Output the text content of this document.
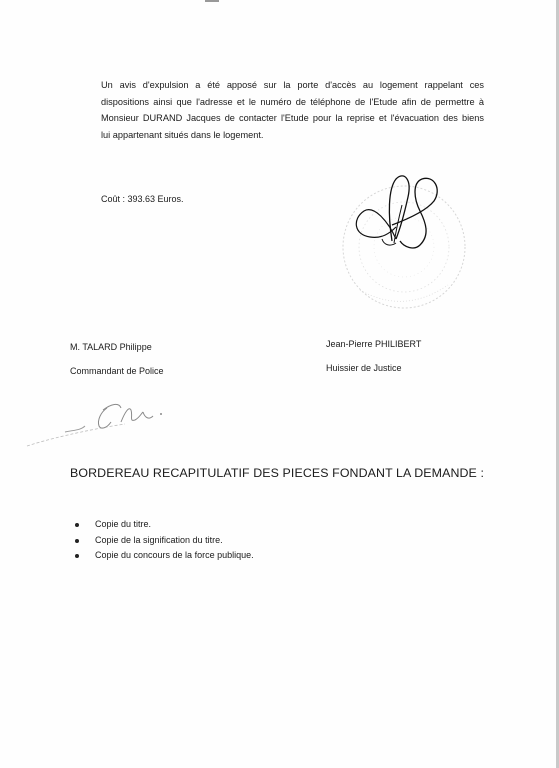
Un avis d'expulsion a été apposé sur la porte d'accès au logement rappelant ces
dispositions ainsi que l'adresse et le numéro de téléphone de l'Etude afin de permettre à
Monsieur DURAND Jacques de contacter l'Etude pour la reprise et l'évacuation des biens
lui appartenant situés dans le logement.
Coût : 393.63 Euros.
M. TALARD Philippe
Commandant de Police
Jean-Pierre PHILIBERT
Huissier de Justice
BORDEREAU RECAPITULATIF DES PIECES FONDANT LA DEMANDE :
Copie du titre.
Copie de la signification du titre.
Copie du concours de la force publique.
